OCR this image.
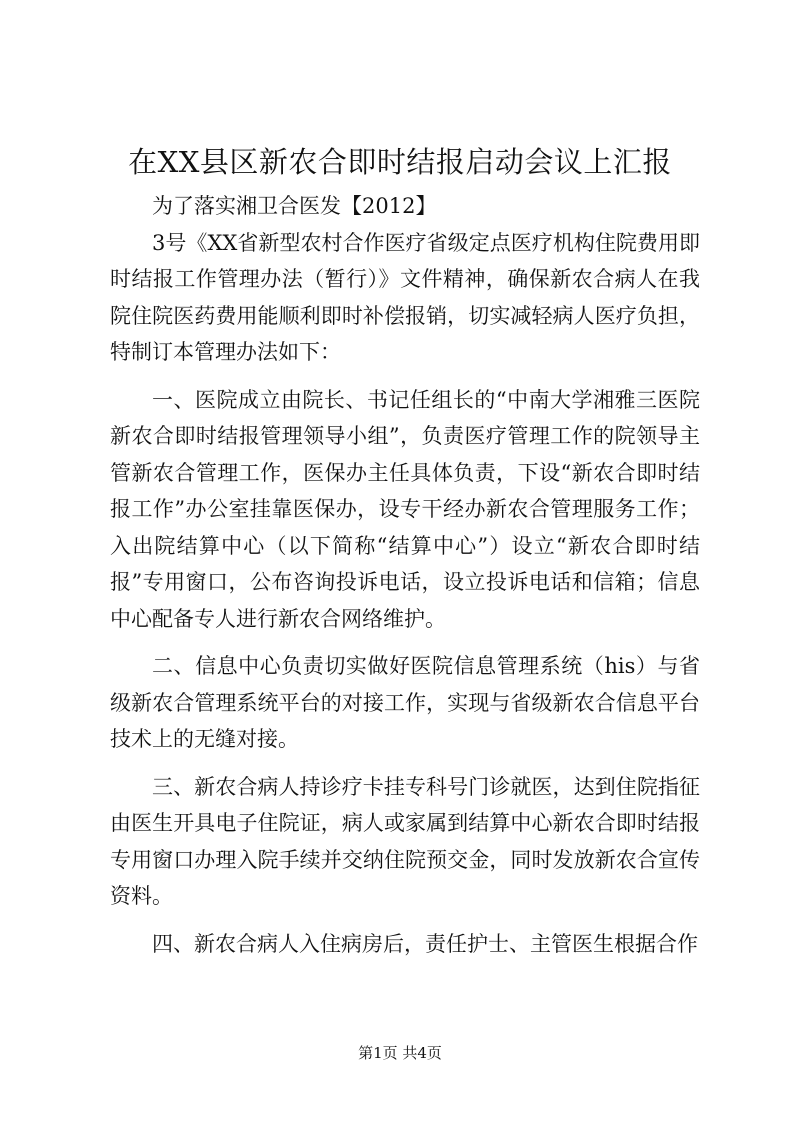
在XX县区新农合即时结报启动会议上汇报

为了落实湘卫合医发【2012】

3号《XX省新型农村合作医疗省级定点医疗机构住院费用即时结报工作管理办法（暂行）》文件精神，确保新农合病人在我院住院医药费用能顺利即时补偿报销，切实减轻病人医疗负担，特制订本管理办法如下：

一、医院成立由院长、书记任组长的“中南大学湘雅三医院新农合即时结报管理领导小组”，负责医疗管理工作的院领导主管新农合管理工作，医保办主任具体负责，下设“新农合即时结报工作”办公室挂靠医保办，设专干经办新农合管理服务工作；入出院结算中心（以下简称“结算中心”）设立“新农合即时结报”专用窗口，公布咨询投诉电话，设立投诉电话和信箱；信息中心配备专人进行新农合网络维护。

二、信息中心负责切实做好医院信息管理系统（his）与省级新农合管理系统平台的对接工作，实现与省级新农合信息平台技术上的无缝对接。

三、新农合病人持诊疗卡挂专科号门诊就医，达到住院指征由医生开具电子住院证，病人或家属到结算中心新农合即时结报专用窗口办理入院手续并交纳住院预交金，同时发放新农合宣传资料。

四、新农合病人入住病房后，责任护士、主管医生根据合作

第1页 共4页
